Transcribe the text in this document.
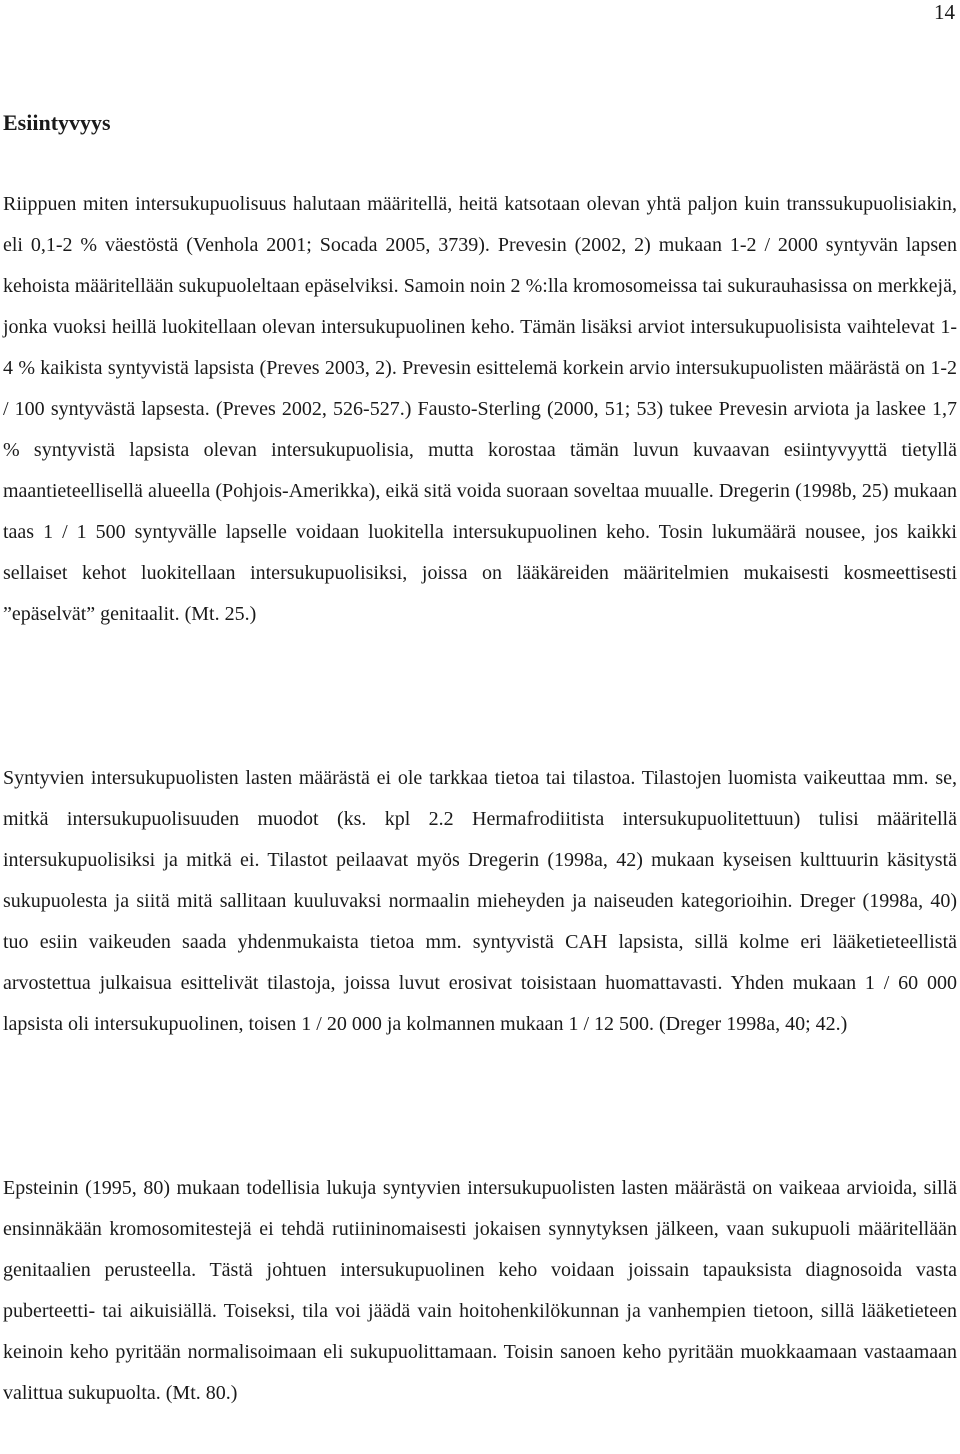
14
Esiintyvyys

Riippuen miten intersukupuolisuus halutaan määritellä, heitä katsotaan olevan yhtä paljon kuin transsukupuolisiakin, eli 0,1-2 % väestöstä (Venhola 2001; Socada 2005, 3739). Prevesin (2002, 2) mukaan 1-2 / 2000 syntyvän lapsen kehoista määritellään sukupuoleltaan epäselviksi. Samoin noin 2 %:lla kromosomeissa tai sukurauhasissa on merkkejä, jonka vuoksi heillä luokitellaan olevan intersukupuolinen keho. Tämän lisäksi arviot intersukupuolisista vaihtelevat 1-4 % kaikista syntyvistä lapsista (Preves 2003, 2). Prevesin esittelemä korkein arvio intersukupuolisten määrästä on 1-2 / 100 syntyvästä lapsesta. (Preves 2002, 526-527.) Fausto-Sterling (2000, 51; 53) tukee Prevesin arviota ja laskee 1,7 % syntyvistä lapsista olevan intersukupuolisia, mutta korostaa tämän luvun kuvaavan esiintyvyyttä tietyllä maantieteellisellä alueella (Pohjois-Amerikka), eikä sitä voida suoraan soveltaa muualle. Dregerin (1998b, 25) mukaan taas 1 / 1 500 syntyvälle lapselle voidaan luokitella intersukupuolinen keho. Tosin lukumäärä nousee, jos kaikki sellaiset kehot luokitellaan intersukupuolisiksi, joissa on lääkäreiden määritelmien mukaisesti kosmeettisesti ”epäselvät” genitaalit. (Mt. 25.)

Syntyvien intersukupuolisten lasten määrästä ei ole tarkkaa tietoa tai tilastoa. Tilastojen luomista vaikeuttaa mm. se, mitkä intersukupuolisuuden muodot (ks. kpl 2.2 Hermafrodiitista intersukupuolitettuun) tulisi määritellä intersukupuolisiksi ja mitkä ei. Tilastot peilaavat myös Dregerin (1998a, 42) mukaan kyseisen kulttuurin käsitystä sukupuolesta ja siitä mitä sallitaan kuuluvaksi normaalin mieheyden ja naiseuden kategorioihin. Dreger (1998a, 40) tuo esiin vaikeuden saada yhdenmukaista tietoa mm. syntyvistä CAH lapsista, sillä kolme eri lääketieteellistä arvostettua julkaisua esittelivät tilastoja, joissa luvut erosivat toisistaan huomattavasti. Yhden mukaan 1 / 60 000 lapsista oli intersukupuolinen, toisen 1 / 20 000 ja kolmannen mukaan 1 / 12 500. (Dreger 1998a, 40; 42.)

Epsteinin (1995, 80) mukaan todellisia lukuja syntyvien intersukupuolisten lasten määrästä on vaikeaa arvioida, sillä ensinnäkään kromosomitestejä ei tehdä rutiininomaisesti jokaisen synnytyksen jälkeen, vaan sukupuoli määritellään genitaalien perusteella. Tästä johtuen intersukupuolinen keho voidaan joissain tapauksista diagnosoida vasta puberteetti- tai aikuisiällä. Toiseksi, tila voi jäädä vain hoitohenkilökunnan ja vanhempien tietoon, sillä lääketieteen keinoin keho pyritään normalisoimaan eli sukupuolittamaan. Toisin sanoen keho pyritään muokkaamaan vastaamaan valittua sukupuolta. (Mt. 80.)
